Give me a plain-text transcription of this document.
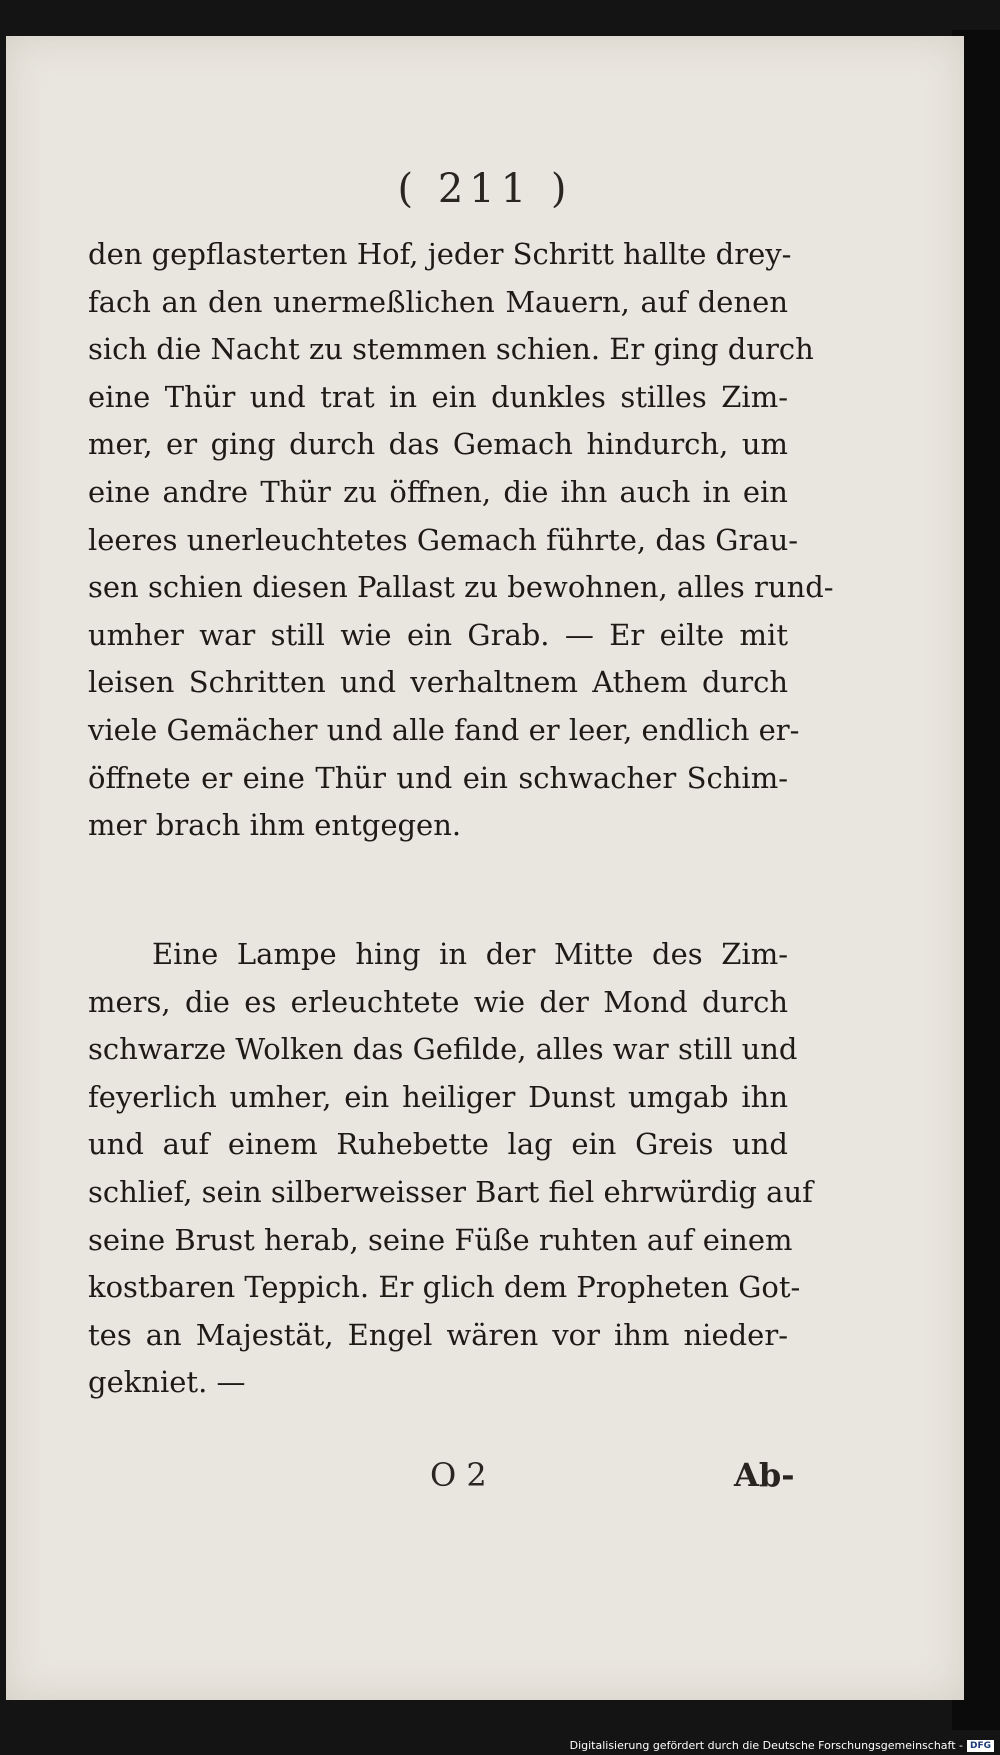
( 211 )
den gepflasterten Hof, jeder Schritt hallte drey-
fach an den unermeßlichen Mauern, auf denen
sich die Nacht zu stemmen schien. Er ging durch
eine Thür und trat in ein dunkles stilles Zim-
mer, er ging durch das Gemach hindurch, um
eine andre Thür zu öffnen, die ihn auch in ein
leeres unerleuchtetes Gemach führte, das Grau-
sen schien diesen Pallast zu bewohnen, alles rund-
umher war still wie ein Grab. — Er eilte mit
leisen Schritten und verhaltnem Athem durch
viele Gemächer und alle fand er leer, endlich er-
öffnete er eine Thür und ein schwacher Schim-
mer brach ihm entgegen.
Eine Lampe hing in der Mitte des Zim-
mers, die es erleuchtete wie der Mond durch
schwarze Wolken das Gefilde, alles war still und
feyerlich umher, ein heiliger Dunst umgab ihn
und auf einem Ruhebette lag ein Greis und
schlief, sein silberweisser Bart fiel ehrwürdig auf
seine Brust herab, seine Füße ruhten auf einem
kostbaren Teppich. Er glich dem Propheten Got-
tes an Majestät, Engel wären vor ihm nieder-
gekniet. —
O 2	Ab-
Digitalisierung gefördert durch die Deutsche Forschungsgemeinschaft - DFG
